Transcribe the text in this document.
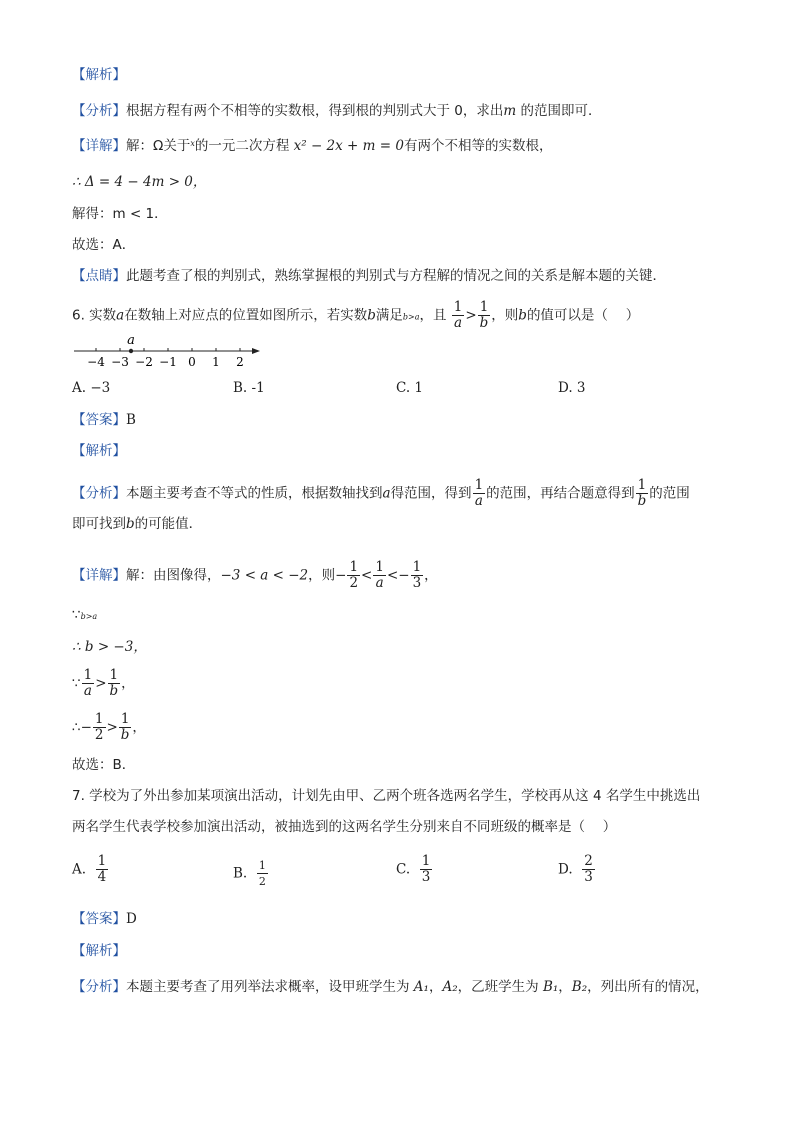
【解析】
【分析】根据方程有两个不相等的实数根，得到根的判别式大于 0，求出m 的范围即可．
【详解】解：Ω关于$^x$的一元二次方程 x² − 2x + m = 0有两个不相等的实数根，
∴ Δ = 4 − 4m > 0，
解得：m < 1．
故选：A．
【点睛】此题考查了根的判别式，熟练掌握根的判别式与方程解的情况之间的关系是解本题的关键．
6. 实数a在数轴上对应点的位置如图所示，若实数b满足b>a，且 $\frac{1}{a} > \frac{1}{b}$ ，则b的值可以是（　 ）
a
−4 −3 −2 −1 0 1 2
A. −3	B. -1	C. 1	D. 3
【答案】B
【解析】
【分析】本题主要考查不等式的性质，根据数轴找到a得范围，得到 $\frac{1}{a}$ 的范围，再结合题意得到 $\frac{1}{b}$ 的范围
即可找到b的可能值．
【详解】解：由图像得，−3 < a < −2，则− $\frac{1}{2} < \frac{1}{a} <- \frac{1}{3}$ ，
∵b>a
∴ b > −3，
∵ $\frac{1}{a} > \frac{1}{b}$ ，
∴− $\frac{1}{2} > \frac{1}{b}$ ，
故选：B．
7. 学校为了外出参加某项演出活动，计划先由甲、乙两个班各选两名学生，学校再从这 4 名学生中挑选出
两名学生代表学校参加演出活动，被抽选到的这两名学生分别来自不同班级的概率是（　 ）
A. $\frac{1}{4}$	B. $\frac{1}{2}$	C. $\frac{1}{3}$	D. $\frac{2}{3}$
【答案】D
【解析】
【分析】本题主要考查了用列举法求概率，设甲班学生为 A₁，A₂，乙班学生为 B₁，B₂，列出所有的情况，
